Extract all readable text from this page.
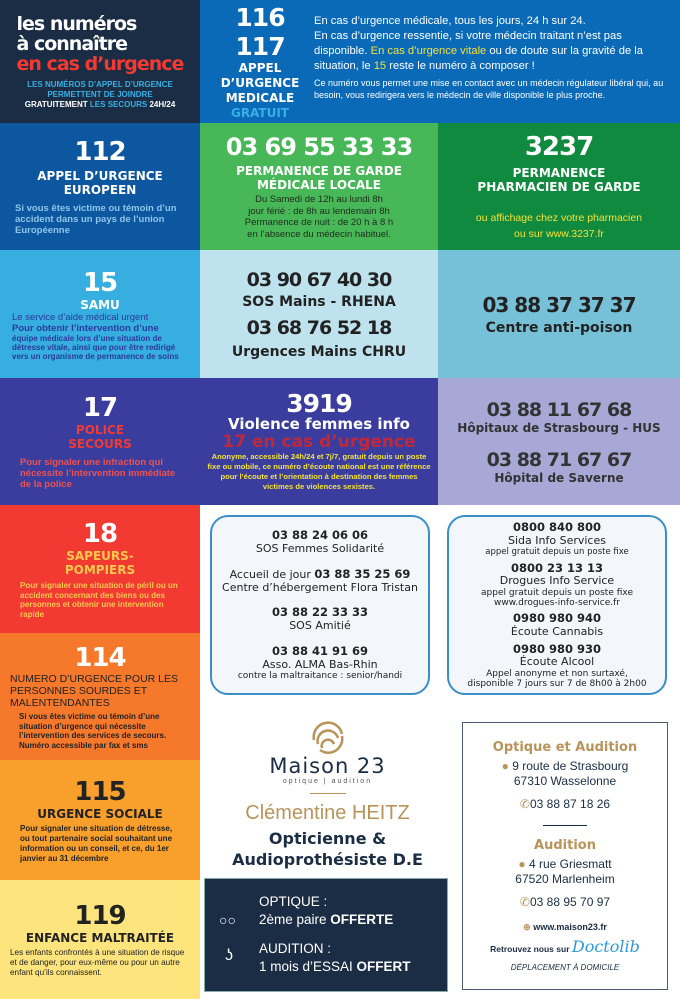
les numéros
à connaître
en cas d’urgence
LES NUMÉROS D’APPEL D’URGENCE
PERMETTENT DE JOINDRE
GRATUITEMENT LES SECOURS 24H/24
116 117
APPEL
D’URGENCE
MEDICALE
GRATUIT
En cas d’urgence médicale, tous les jours, 24 h sur 24.
En cas d’urgence ressentie, si votre médecin traitant n’est pas disponible. En cas d’urgence vitale ou de doute sur la gravité de la situation, le 15 reste le numéro à composer !
Ce numéro vous permet une mise en contact avec un médecin régulateur libéral qui, au besoin, vous redirigera vers le médecin de ville disponible le plus proche.
112
APPEL D’URGENCE EUROPEEN
Si vous êtes victime ou témoin d’un accident dans un pays de l’union Européenne
03 69 55 33 33
PERMANENCE DE GARDE MÉDICALE LOCALE
Du Samedi de 12h au lundi 8h
jour férié : de 8h au lendemain 8h
Permanence de nuit : de 20 h à 8 h
en l’absence du médecin habituel.
3237
PERMANENCE PHARMACIEN DE GARDE
ou affichage chez votre pharmacien
ou sur www.3237.fr
15
SAMU
Le service d’aide médical urgent
Pour obtenir l’intervention d’une
équipe médicale lors d’une situation de détresse vitale, ainsi que pour être redirigé vers un organisme de permanence de soins
03 90 67 40 30
SOS Mains - RHENA
03 68 76 52 18
Urgences Mains CHRU
03 88 37 37 37
Centre anti-poison
17
POLICE
SECOURS
Pour signaler une infraction qui nécessite l’intervention immédiate de la police
3919
Violence femmes info
17 en cas d’urgence
Anonyme, accessible 24h/24 et 7j/7, gratuit depuis un poste fixe ou mobile, ce numéro d’écoute national est une référence pour l’écoute et l’orientation à destination des femmes victimes de violences sexistes.
03 88 11 67 68
Hôpitaux de Strasbourg - HUS
03 88 71 67 67
Hôpital de Saverne
18
SAPEURS-
POMPIERS
Pour signaler une situation de péril ou un accident concernant des biens ou des personnes et obtenir une intervention rapide
114
NUMERO D’URGENCE POUR LES PERSONNES SOURDES ET MALENTENDANTES
Si vous êtes victime ou témoin d’une situation d’urgence qui nécessite l’intervention des services de secours. Numéro accessible par fax et sms
115
URGENCE SOCIALE
Pour signaler une situation de détresse, ou tout partenaire social souhaitant une information ou un conseil, et ce, du 1er janvier au 31 décembre
119
ENFANCE MALTRAITÉE
Les enfants confrontés à une situation de risque et de danger, pour eux-même ou pour un autre enfant qu’ils connaissent.
03 88 24 06 06
SOS Femmes Solidarité
Accueil de jour 03 88 35 25 69
Centre d’hébergement Flora Tristan
03 88 22 33 33
SOS Amitié
03 88 41 91 69
Asso. ALMA Bas-Rhin
contre la maltraitance : senior/handi
0800 840 800
Sida Info Services
appel gratuit depuis un poste fixe
0800 23 13 13
Drogues Info Service
appel gratuit depuis un poste fixe
www.drogues-info-service.fr
0980 980 940
Écoute Cannabis
0980 980 930
Écoute Alcool
Appel anonyme et non surtaxé,
disponible 7 jours sur 7 de 8h00 à 2h00
Maison 23
optique | audition
Clémentine HEITZ
Opticienne &
Audioprothésiste D.E
○○
OPTIQUE :
2ème paire OFFERTE
ʖ AUDITION :
1 mois d’ESSAI OFFERT
Optique et Audition
● 9 route de Strasbourg
67310 Wasselonne
✆03 88 87 18 26
Audition
● 4 rue Griesmatt
67520 Marlenheim
✆03 88 95 70 97
⊕ www.maison23.fr
Retrouvez nous sur Doctolib
DÉPLACEMENT À DOMICILE
